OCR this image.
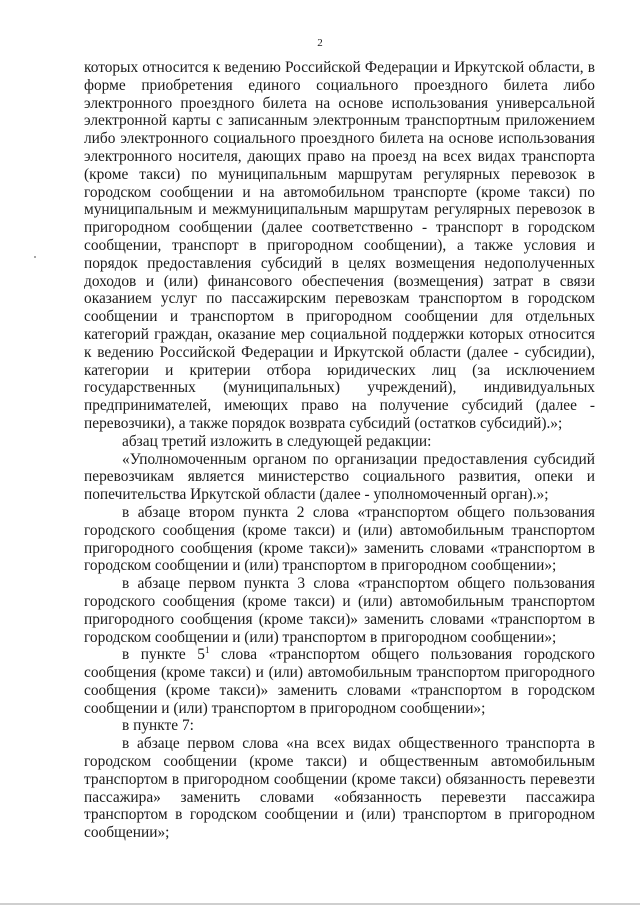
2

которых относится к ведению Российской Федерации и Иркутской области, в форме приобретения единого социального проездного билета либо электронного проездного билета на основе использования универсальной электронной карты с записанным электронным транспортным приложением либо электронного социального проездного билета на основе использования электронного носителя, дающих право на проезд на всех видах транспорта (кроме такси) по муниципальным маршрутам регулярных перевозок в городском сообщении и на автомобильном транспорте (кроме такси) по муниципальным и межмуниципальным маршрутам регулярных перевозок в пригородном сообщении (далее соответственно - транспорт в городском сообщении, транспорт в пригородном сообщении), а также условия и порядок предоставления субсидий в целях возмещения недополученных доходов и (или) финансового обеспечения (возмещения) затрат в связи оказанием услуг по пассажирским перевозкам транспортом в городском сообщении и транспортом в пригородном сообщении для отдельных категорий граждан, оказание мер социальной поддержки которых относится к ведению Российской Федерации и Иркутской области (далее - субсидии), категории и критерии отбора юридических лиц (за исключением государственных (муниципальных) учреждений), индивидуальных предпринимателей, имеющих право на получение субсидий (далее - перевозчики), а также порядок возврата субсидий (остатков субсидий).»;

абзац третий изложить в следующей редакции:

«Уполномоченным органом по организации предоставления субсидий перевозчикам является министерство социального развития, опеки и попечительства Иркутской области (далее - уполномоченный орган).»;

в абзаце втором пункта 2 слова «транспортом общего пользования городского сообщения (кроме такси) и (или) автомобильным транспортом пригородного сообщения (кроме такси)» заменить словами «транспортом в городском сообщении и (или) транспортом в пригородном сообщении»;

в абзаце первом пункта 3 слова «транспортом общего пользования городского сообщения (кроме такси) и (или) автомобильным транспортом пригородного сообщения (кроме такси)» заменить словами «транспортом в городском сообщении и (или) транспортом в пригородном сообщении»;

в пункте $5^1$ слова «транспортом общего пользования городского сообщения (кроме такси) и (или) автомобильным транспортом пригородного сообщения (кроме такси)» заменить словами «транспортом в городском сообщении и (или) транспортом в пригородном сообщении»;

в пункте 7:

в абзаце первом слова «на всех видах общественного транспорта в городском сообщении (кроме такси) и общественным автомобильным транспортом в пригородном сообщении (кроме такси) обязанность перевезти пассажира» заменить словами «обязанность перевезти пассажира транспортом в городском сообщении и (или) транспортом в пригородном сообщении»;
